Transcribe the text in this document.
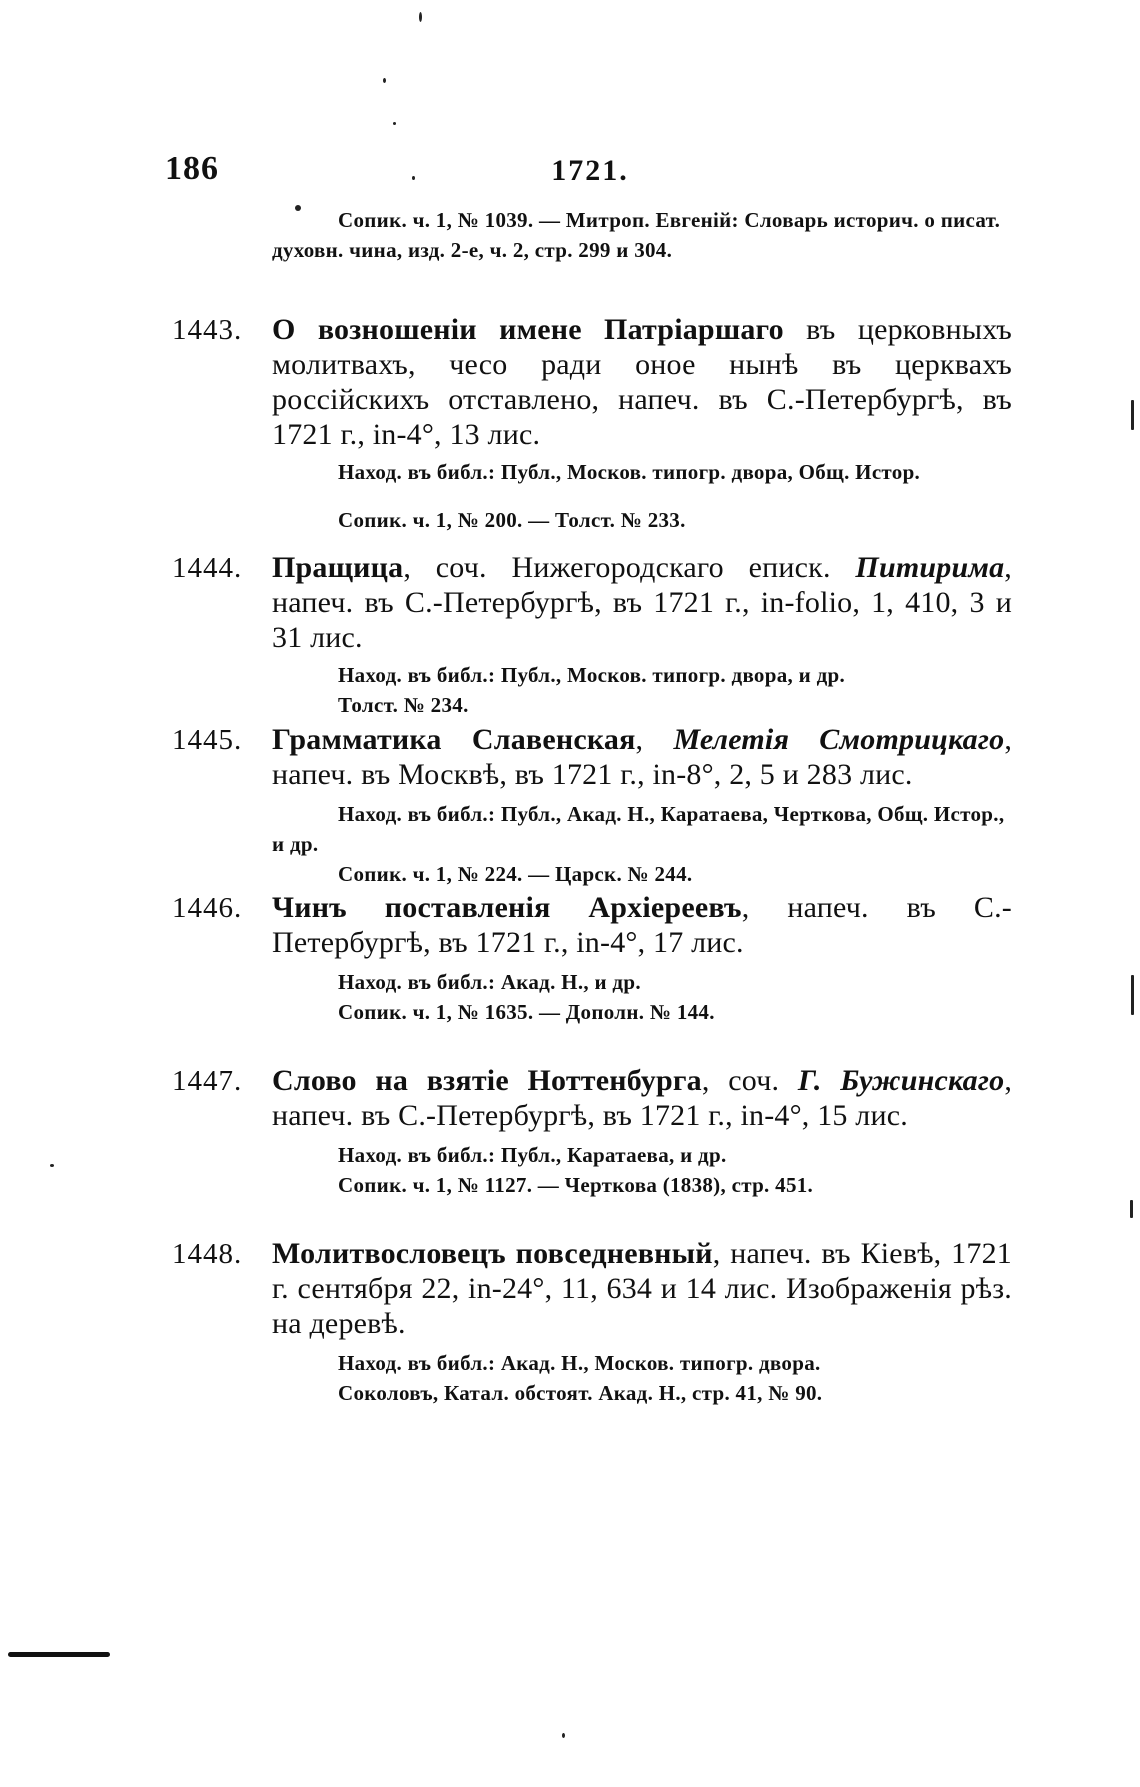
186	1721.
Сопик. ч. 1, № 1039. — Митроп. Евгеній: Словарь историч. о писат. духовн. чина, изд. 2-е, ч. 2, стр. 299 и 304.
1443. О возношеніи имене Патріаршаго въ церковныхъ молитвахъ, чесо ради оное нынѣ въ церквахъ россійскихъ отставлено, напеч. въ С.-Петербургѣ, въ 1721 г., in-4°, 13 лис.
Наход. въ библ.: Публ., Москов. типогр. двора, Общ. Истор.
Сопик. ч. 1, № 200. — Толст. № 233.
1444. Пращица, соч. Нижегородскаго еписк. Питирима, напеч. въ С.-Петербургѣ, въ 1721 г., in-folio, 1, 410, 3 и 31 лис.
Наход. въ библ.: Публ., Москов. типогр. двора, и др.
Толст. № 234.
1445. Грамматика Славенская, Мелетія Смотрицкаго, напеч. въ Москвѣ, въ 1721 г., in-8°, 2, 5 и 283 лис.
Наход. въ библ.: Публ., Акад. Н., Каратаева, Черткова, Общ. Истор., и др.
Сопик. ч. 1, № 224. — Царск. № 244.
1446. Чинъ поставленія Архіереевъ, напеч. въ С.-Петербургѣ, въ 1721 г., in-4°, 17 лис.
Наход. въ библ.: Акад. Н., и др.
Сопик. ч. 1, № 1635. — Дополн. № 144.
1447. Слово на взятіе Ноттенбурга, соч. Г. Бужинскаго, напеч. въ С.-Петербургѣ, въ 1721 г., in-4°, 15 лис.
Наход. въ библ.: Публ., Каратаева, и др.
Сопик. ч. 1, № 1127. — Черткова (1838), стр. 451.
1448. Молитвословецъ повседневный, напеч. въ Кіевѣ, 1721 г. сентября 22, in-24°, 11, 634 и 14 лис. Изображенія рѣз. на деревѣ.
Наход. въ библ.: Акад. Н., Москов. типогр. двора.
Соколовъ, Катал. обстоят. Акад. Н., стр. 41, № 90.
